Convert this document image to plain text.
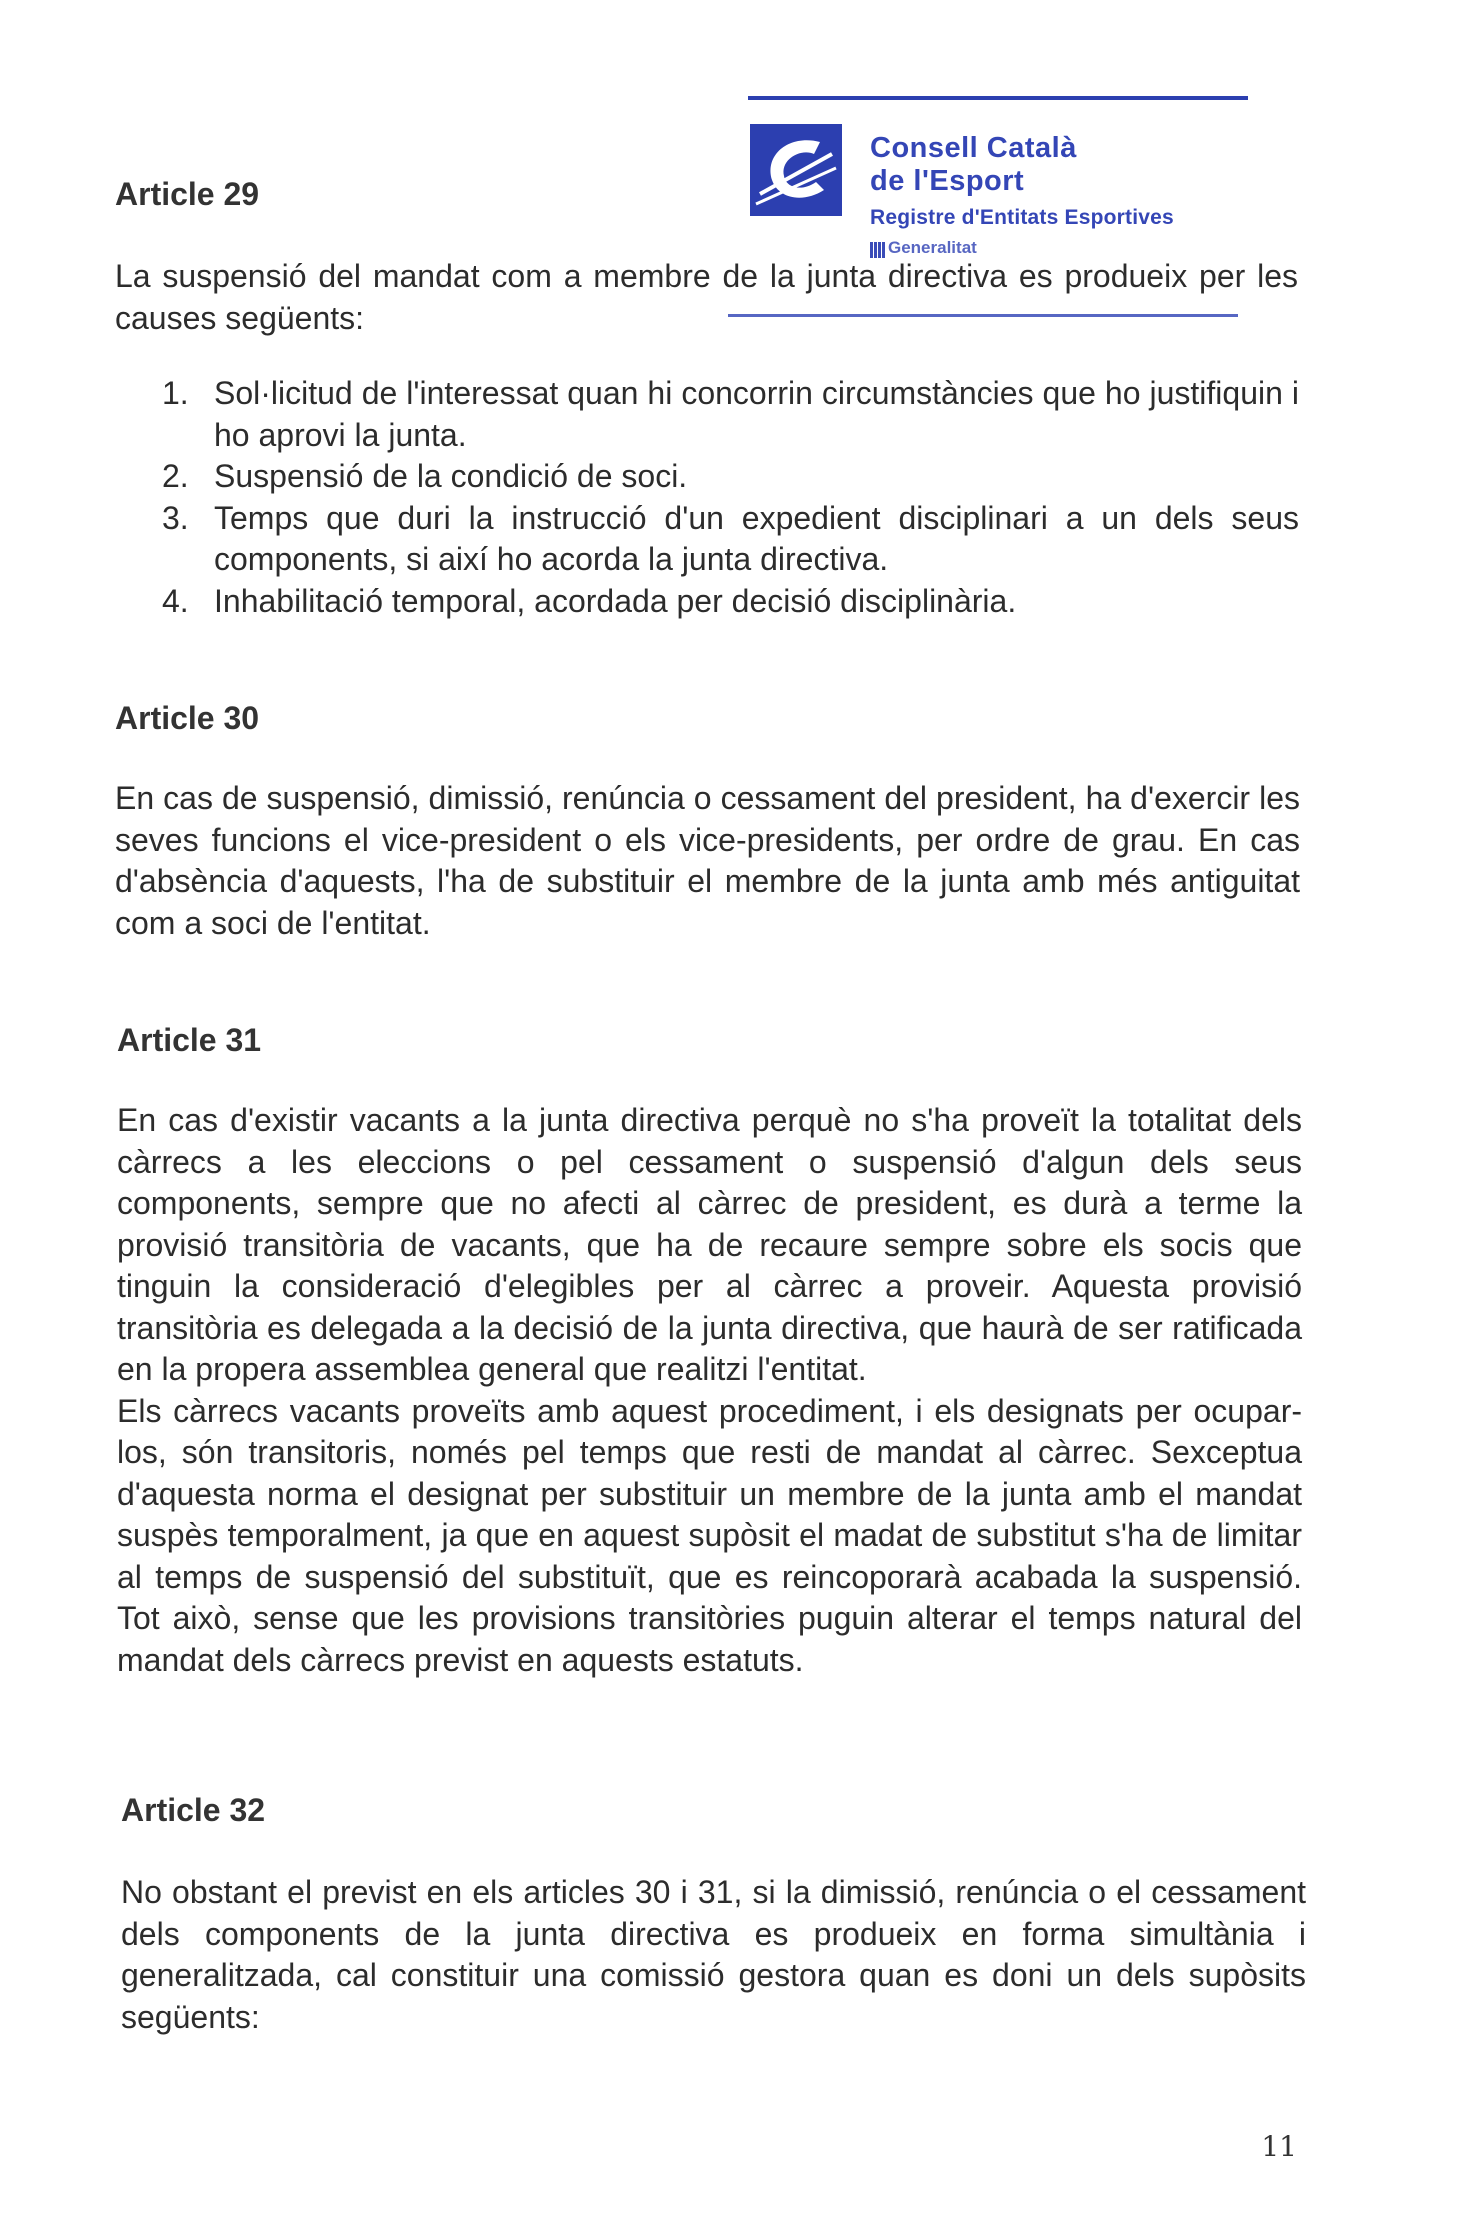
Consell Català
de l'Esport
Registre d'Entitats Esportives
Generalitat
Article 29

La suspensió del mandat com a membre de la junta directiva es produeix per les causes següents:

1. Sol·licitud de l'interessat quan hi concorrin circumstàncies que ho justifiquin i ho aprovi la junta.
2. Suspensió de la condició de soci.
3. Temps que duri la instrucció d'un expedient disciplinari a un dels seus components, si així ho acorda la junta directiva.
4. Inhabilitació temporal, acordada per decisió disciplinària.
Article 30

En cas de suspensió, dimissió, renúncia o cessament del president, ha d'exercir les seves funcions el vice-president o els vice-presidents, per ordre de grau. En cas d'absència d'aquests, l'ha de substituir el membre de la junta amb més antiguitat com a soci de l'entitat.

Article 31

En cas d'existir vacants a la junta directiva perquè no s'ha proveït la totalitat dels càrrecs a les eleccions o pel cessament o suspensió d'algun dels seus components, sempre que no afecti al càrrec de president, es durà a terme la provisió transitòria de vacants, que ha de recaure sempre sobre els socis que tinguin la consideració d'elegibles per al càrrec a proveir. Aquesta provisió transitòria es delegada a la decisió de la junta directiva, que haurà de ser ratificada en la propera assemblea general que realitzi l'entitat.

Els càrrecs vacants proveïts amb aquest procediment, i els designats per ocupar-los, són transitoris, només pel temps que resti de mandat al càrrec. Sexceptua d'aquesta norma el designat per substituir un membre de la junta amb el mandat suspès temporalment, ja que en aquest supòsit el madat de substitut s'ha de limitar al temps de suspensió del substituït, que es reincoporarà acabada la suspensió. Tot això, sense que les provisions transitòries puguin alterar el temps natural del mandat dels càrrecs previst en aquests estatuts.

Article 32

No obstant el previst en els articles 30 i 31, si la dimissió, renúncia o el cessament dels components de la junta directiva es produeix en forma simultània i generalitzada, cal constituir una comissió gestora quan es doni un dels supòsits següents:

11
